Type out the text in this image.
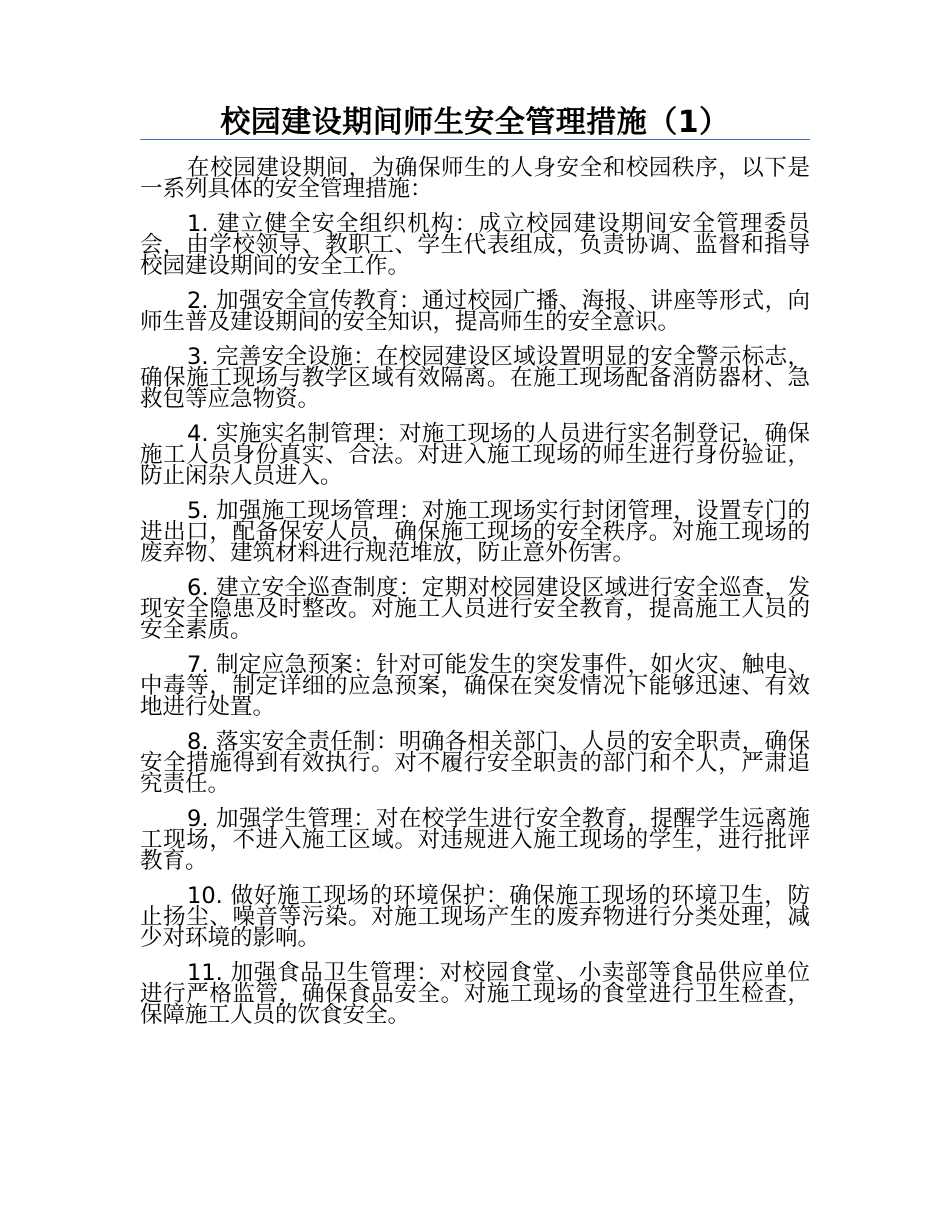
校园建设期间师生安全管理措施（1）

在校园建设期间，为确保师生的人身安全和校园秩序，以下是一系列具体的安全管理措施：

1. 建立健全安全组织机构：成立校园建设期间安全管理委员会，由学校领导、教职工、学生代表组成，负责协调、监督和指导校园建设期间的安全工作。

2. 加强安全宣传教育：通过校园广播、海报、讲座等形式，向师生普及建设期间的安全知识，提高师生的安全意识。

3. 完善安全设施：在校园建设区域设置明显的安全警示标志，确保施工现场与教学区域有效隔离。在施工现场配备消防器材、急救包等应急物资。

4. 实施实名制管理：对施工现场的人员进行实名制登记，确保施工人员身份真实、合法。对进入施工现场的师生进行身份验证，防止闲杂人员进入。

5. 加强施工现场管理：对施工现场实行封闭管理，设置专门的进出口，配备保安人员，确保施工现场的安全秩序。对施工现场的废弃物、建筑材料进行规范堆放，防止意外伤害。

6. 建立安全巡查制度：定期对校园建设区域进行安全巡查，发现安全隐患及时整改。对施工人员进行安全教育，提高施工人员的安全素质。

7. 制定应急预案：针对可能发生的突发事件，如火灾、触电、中毒等，制定详细的应急预案，确保在突发情况下能够迅速、有效地进行处置。

8. 落实安全责任制：明确各相关部门、人员的安全职责，确保安全措施得到有效执行。对不履行安全职责的部门和个人，严肃追究责任。

9. 加强学生管理：对在校学生进行安全教育，提醒学生远离施工现场，不进入施工区域。对违规进入施工现场的学生，进行批评教育。

10. 做好施工现场的环境保护：确保施工现场的环境卫生，防止扬尘、噪音等污染。对施工现场产生的废弃物进行分类处理，减少对环境的影响。

11. 加强食品卫生管理：对校园食堂、小卖部等食品供应单位进行严格监管，确保食品安全。对施工现场的食堂进行卫生检查，保障施工人员的饮食安全。
